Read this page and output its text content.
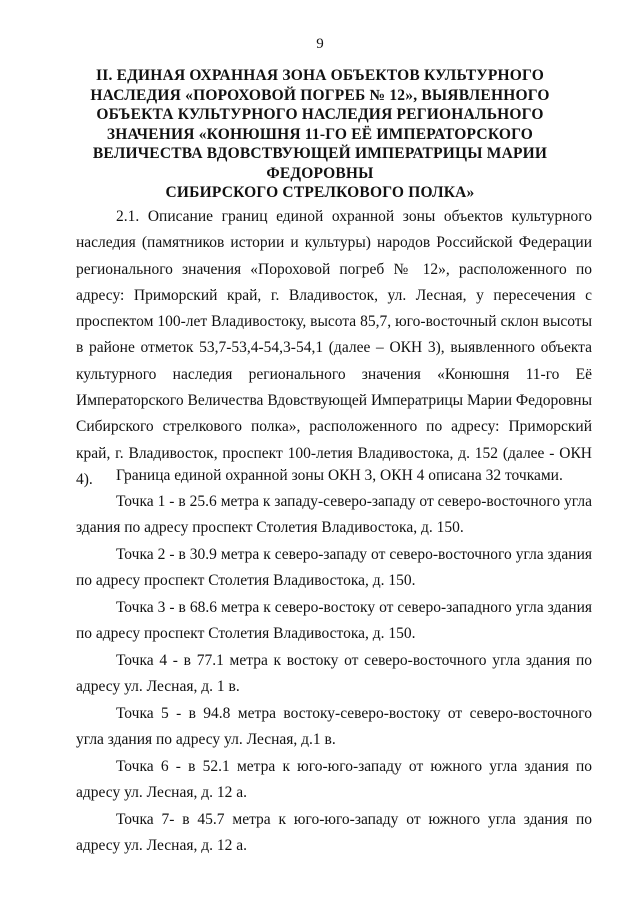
9
II. ЕДИНАЯ ОХРАННАЯ ЗОНА ОБЪЕКТОВ КУЛЬТУРНОГО
НАСЛЕДИЯ «ПОРОХОВОЙ ПОГРЕБ № 12», ВЫЯВЛЕННОГО
ОБЪЕКТА КУЛЬТУРНОГО НАСЛЕДИЯ РЕГИОНАЛЬНОГО
ЗНАЧЕНИЯ «КОНЮШНЯ 11-ГО ЕЁ ИМПЕРАТОРСКОГО
ВЕЛИЧЕСТВА ВДОВСТВУЮЩЕЙ ИМПЕРАТРИЦЫ МАРИИ
ФЕДОРОВНЫ
СИБИРСКОГО СТРЕЛКОВОГО ПОЛКА»
2.1. Описание границ единой охранной зоны объектов культурного наследия (памятников истории и культуры) народов Российской Федерации регионального значения «Пороховой погреб № 12», расположенного по адресу: Приморский край, г. Владивосток, ул. Лесная, у пересечения с проспектом 100-лет Владивостоку, высота 85,7, юго-восточный склон высоты в районе отметок 53,7-53,4-54,3-54,1 (далее – ОКН 3), выявленного объекта культурного наследия регионального значения «Конюшня 11-го Её Императорского Величества Вдовствующей Императрицы Марии Федоровны Сибирского стрелкового полка», расположенного по адресу: Приморский край, г. Владивосток, проспект 100-летия Владивостока, д. 152 (далее - ОКН 4).	Граница единой охранной зоны ОКН 3, ОКН 4 описана 32 точками.
Точка 1 - в 25.6 метра к западу-северо-западу от северо-восточного угла здания по адресу проспект Столетия Владивостока, д. 150.
Точка 2 - в 30.9 метра к северо-западу от северо-восточного угла здания по адресу проспект Столетия Владивостока, д. 150.
Точка 3 - в 68.6 метра к северо-востоку от северо-западного угла здания по адресу проспект Столетия Владивостока, д. 150.
Точка 4 - в 77.1 метра к востоку от северо-восточного угла здания по адресу ул. Лесная, д. 1 в.
Точка 5 - в 94.8 метра востоку-северо-востоку от северо-восточного угла здания по адресу ул. Лесная, д.1 в.
Точка 6 - в 52.1 метра к юго-юго-западу от южного угла здания по адресу ул. Лесная, д. 12 а.
Точка 7- в 45.7 метра к юго-юго-западу от южного угла здания по адресу ул. Лесная, д. 12 а.
